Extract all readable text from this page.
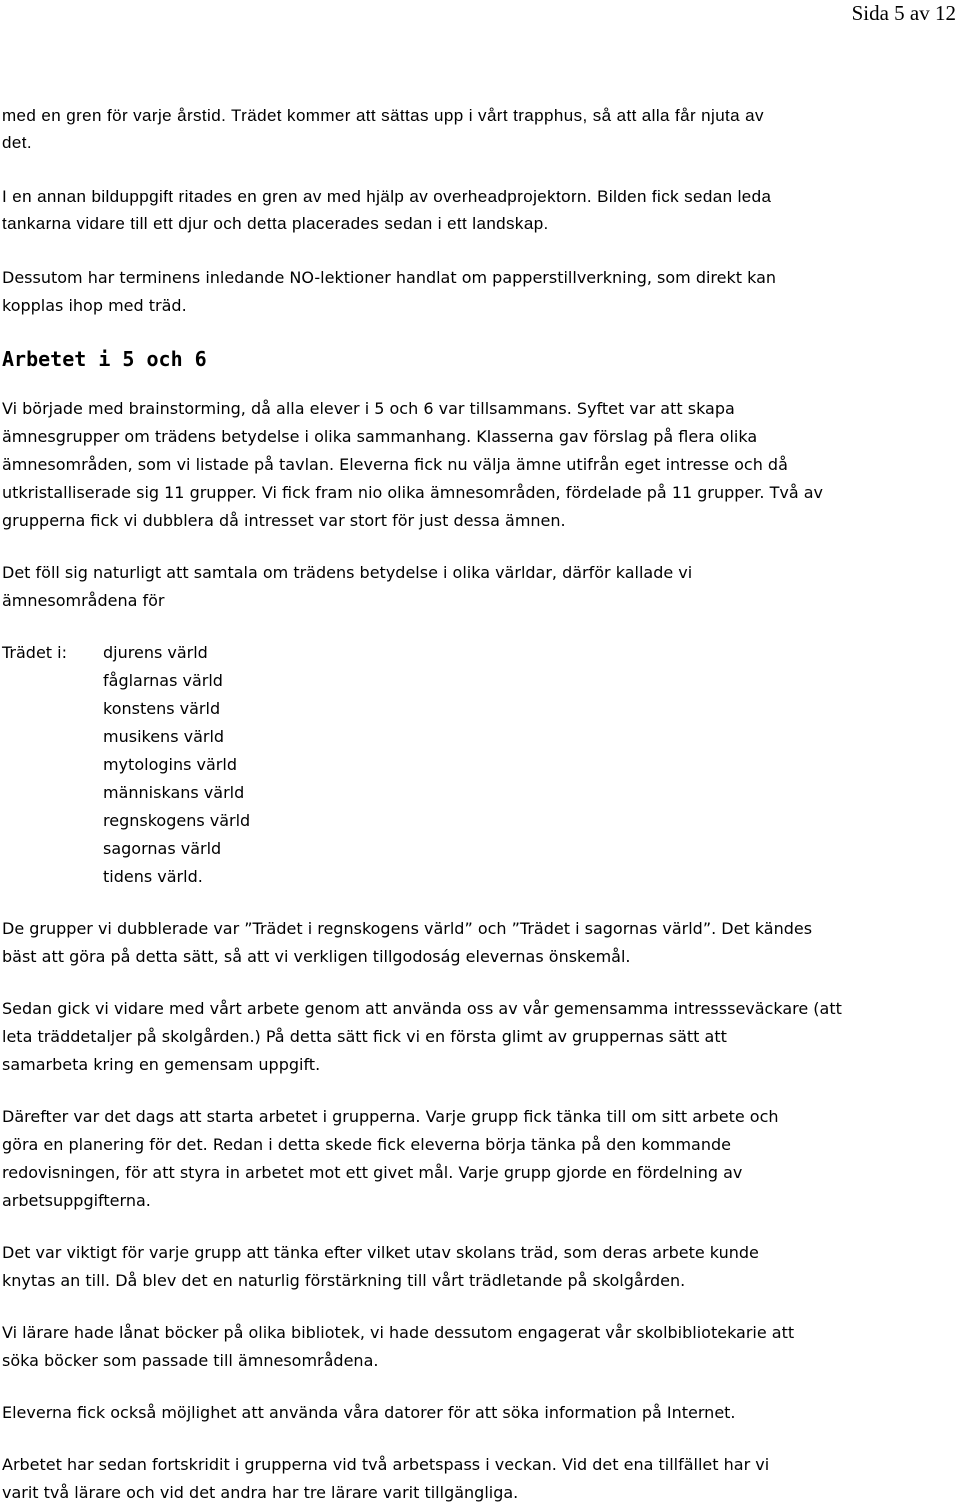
Sida 5 av 12

med en gren för varje årstid. Trädet kommer att sättas upp i vårt trapphus, så att alla får njuta av
det.

I en annan bilduppgift ritades en gren av med hjälp av overheadprojektorn. Bilden fick sedan leda
tankarna vidare till ett djur och detta placerades sedan i ett landskap.

Dessutom har terminens inledande NO-lektioner handlat om papperstillverkning, som direkt kan
kopplas ihop med träd.

Arbetet i 5 och 6

Vi började med brainstorming, då alla elever i 5 och 6 var tillsammans. Syftet var att skapa
ämnesgrupper om trädens betydelse i olika sammanhang. Klasserna gav förslag på flera olika
ämnesområden, som vi listade på tavlan. Eleverna fick nu välja ämne utifrån eget intresse och då
utkristalliserade sig 11 grupper. Vi fick fram nio olika ämnesområden, fördelade på 11 grupper. Två av
grupperna fick vi dubblera då intresset var stort för just dessa ämnen.

Det föll sig naturligt att samtala om trädens betydelse i olika världar, därför kallade vi
ämnesområdena för

Trädet i:	djurens värld
fåglarnas värld
konstens värld
musikens värld
mytologins värld
människans värld
regnskogens värld
sagornas värld
tidens värld.

De grupper vi dubblerade var ”Trädet i regnskogens värld” och ”Trädet i sagornas värld”. Det kändes
bäst att göra på detta sätt, så att vi verkligen tillgodoság elevernas önskemål.

Sedan gick vi vidare med vårt arbete genom att använda oss av vår gemensamma intressseväckare (att
leta träddetaljer på skolgården.) På detta sätt fick vi en första glimt av gruppernas sätt att
samarbeta kring en gemensam uppgift.

Därefter var det dags att starta arbetet i grupperna. Varje grupp fick tänka till om sitt arbete och
göra en planering för det. Redan i detta skede fick eleverna börja tänka på den kommande
redovisningen, för att styra in arbetet mot ett givet mål. Varje grupp gjorde en fördelning av
arbetsuppgifterna.

Det var viktigt för varje grupp att tänka efter vilket utav skolans träd, som deras arbete kunde
knytas an till. Då blev det en naturlig förstärkning till vårt trädletande på skolgården.

Vi lärare hade lånat böcker på olika bibliotek, vi hade dessutom engagerat vår skolbibliotekarie att
söka böcker som passade till ämnesområdena.

Eleverna fick också möjlighet att använda våra datorer för att söka information på Internet.

Arbetet har sedan fortskridit i grupperna vid två arbetspass i veckan. Vid det ena tillfället har vi
varit två lärare och vid det andra har tre lärare varit tillgängliga.
